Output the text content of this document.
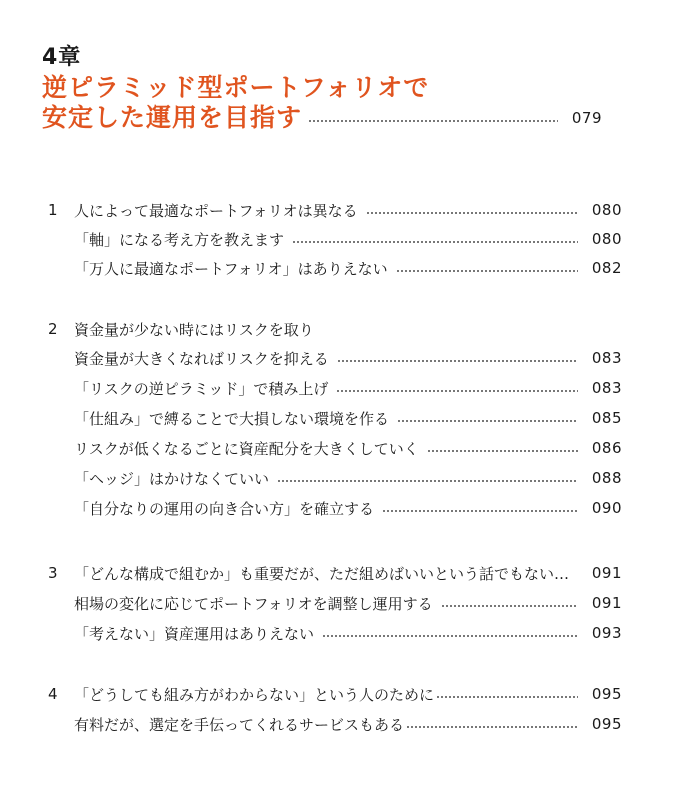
4章
逆ピラミッド型ポートフォリオで
安定した運用を目指す	079
1	人によって最適なポートフォリオは異なる	080
「軸」になる考え方を教えます	080
「万人に最適なポートフォリオ」はありえない	082
2	資金量が少ない時にはリスクを取り
資金量が大きくなればリスクを抑える	083
「リスクの逆ピラミッド」で積み上げ	083
「仕組み」で縛ることで大損しない環境を作る	085
リスクが低くなるごとに資産配分を大きくしていく	086
「ヘッジ」はかけなくていい	088
「自分なりの運用の向き合い方」を確立する	090
3	「どんな構成で組むか」も重要だが、ただ組めばいいという話でもない…	091
相場の変化に応じてポートフォリオを調整し運用する	091
「考えない」資産運用はありえない	093
4	「どうしても組み方がわからない」という人のために	095
有料だが、選定を手伝ってくれるサービスもある	095
